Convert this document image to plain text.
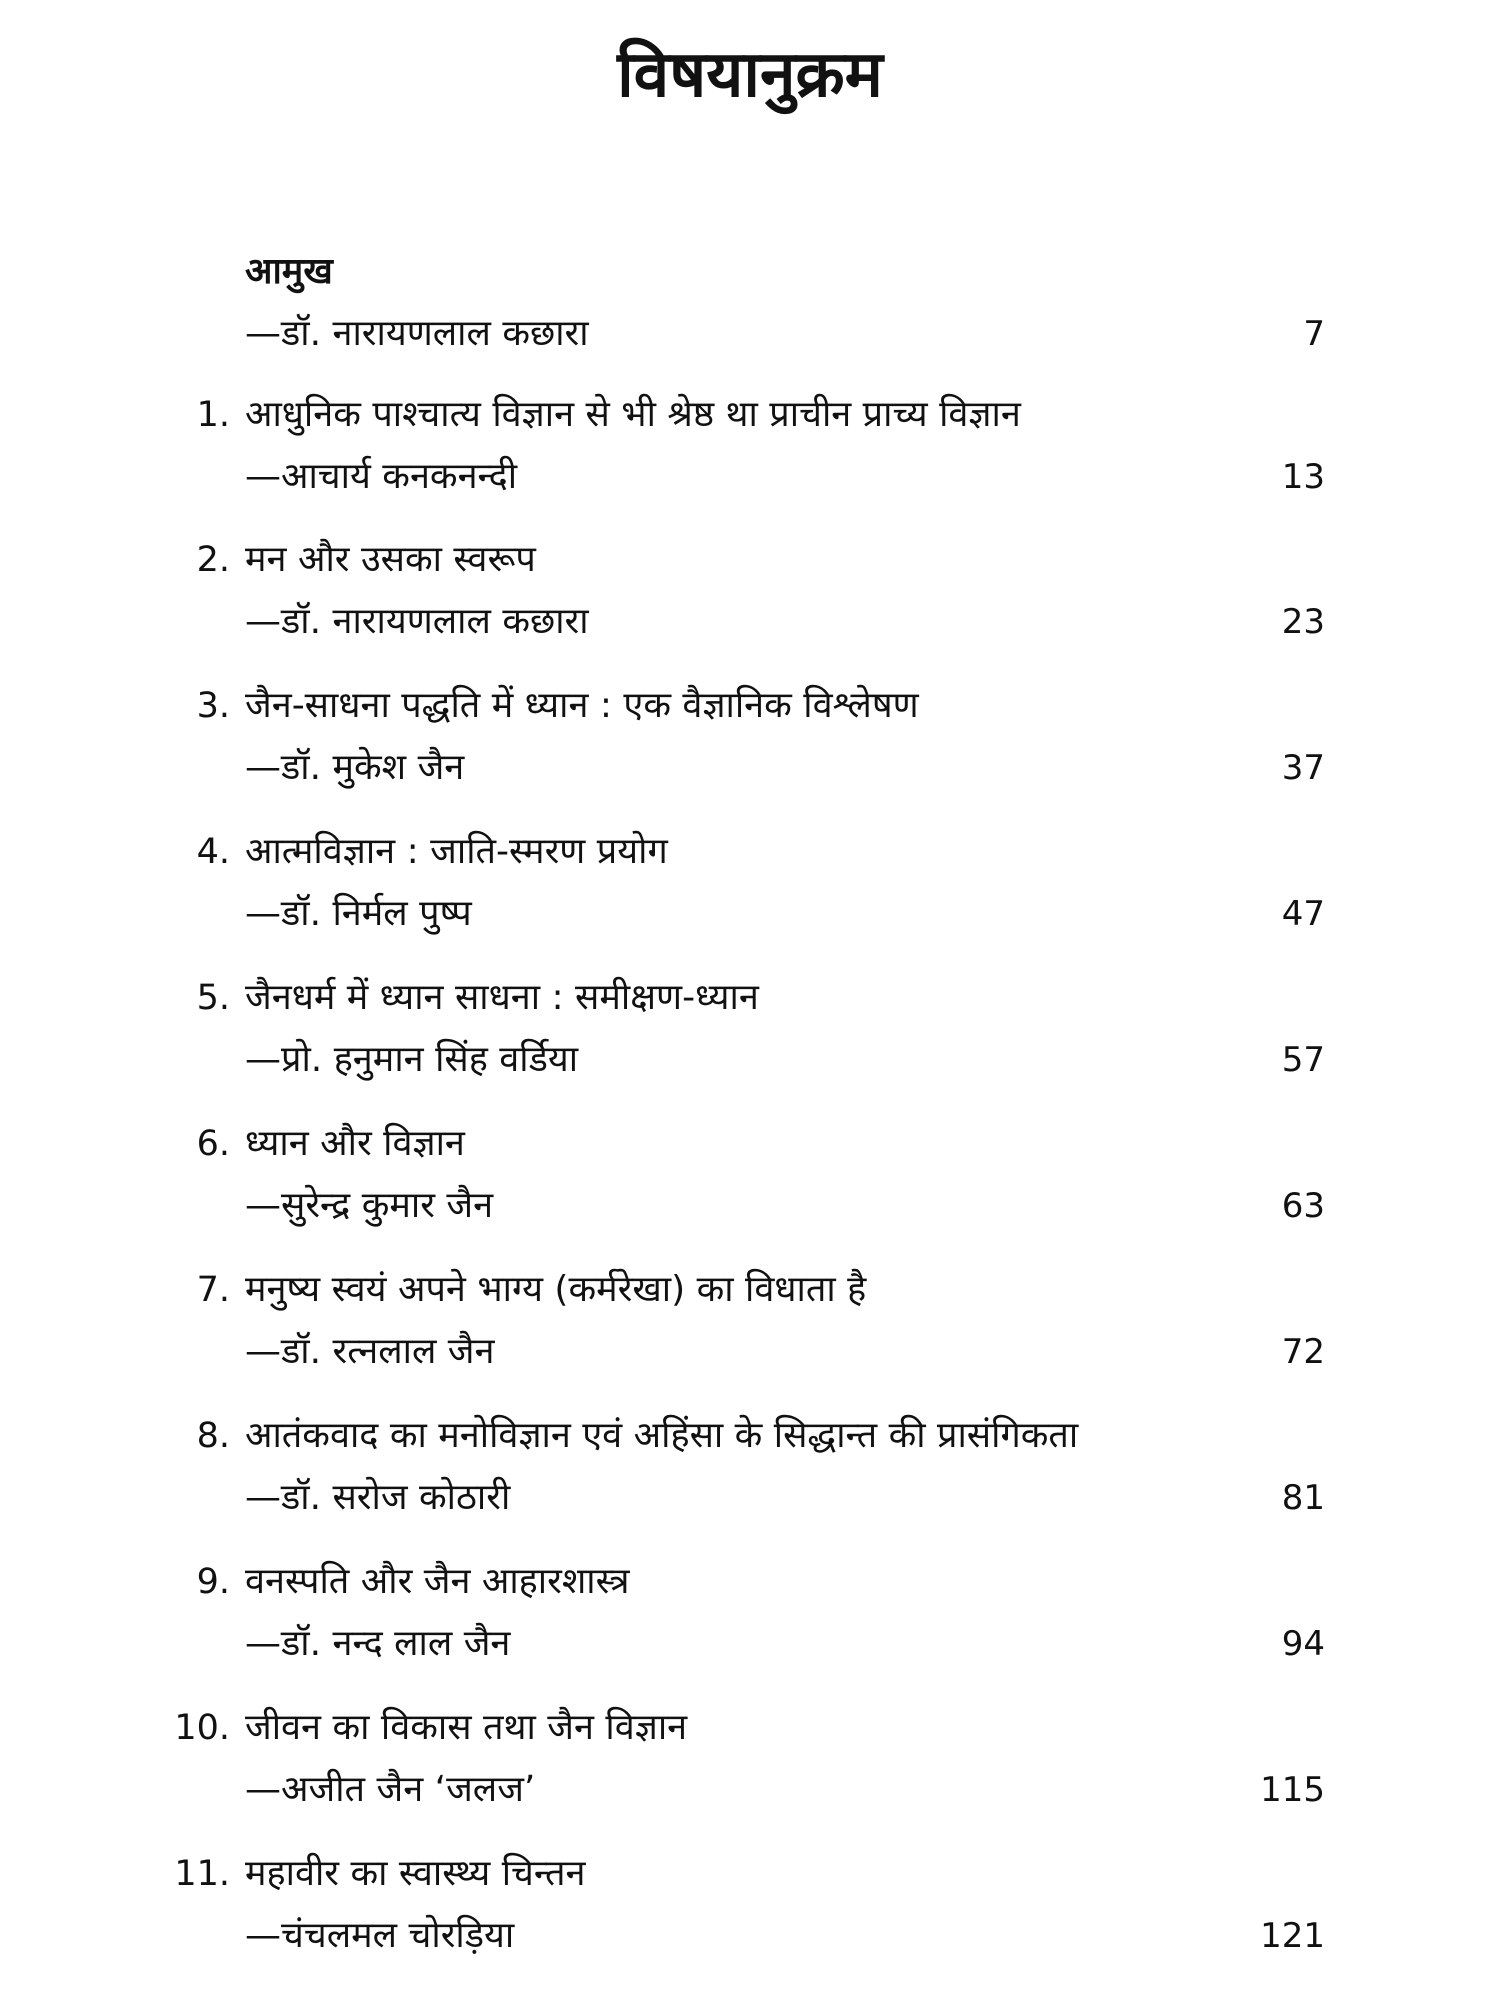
विषयानुक्रम
आमुख
—डॉ. नारायणलाल कछारा	7
1. आधुनिक पाश्चात्य विज्ञान से भी श्रेष्ठ था प्राचीन प्राच्य विज्ञान
—आचार्य कनकनन्दी	13
2. मन और उसका स्वरूप
—डॉ. नारायणलाल कछारा	23
3. जैन-साधना पद्धति में ध्यान : एक वैज्ञानिक विश्लेषण
—डॉ. मुकेश जैन	37
4. आत्मविज्ञान : जाति-स्मरण प्रयोग
—डॉ. निर्मल पुष्प	47
5. जैनधर्म में ध्यान साधना : समीक्षण-ध्यान
—प्रो. हनुमान सिंह वर्डिया	57
6. ध्यान और विज्ञान
—सुरेन्द्र कुमार जैन	63
7. मनुष्य स्वयं अपने भाग्य (कर्मरेखा) का विधाता है
—डॉ. रत्नलाल जैन	72
8. आतंकवाद का मनोविज्ञान एवं अहिंसा के सिद्धान्त की प्रासंगिकता
—डॉ. सरोज कोठारी	81
9. वनस्पति और जैन आहारशास्त्र
—डॉ. नन्द लाल जैन	94
10. जीवन का विकास तथा जैन विज्ञान
—अजीत जैन ‘जलज’	115
11. महावीर का स्वास्थ्य चिन्तन
—चंचलमल चोरड़िया	121
